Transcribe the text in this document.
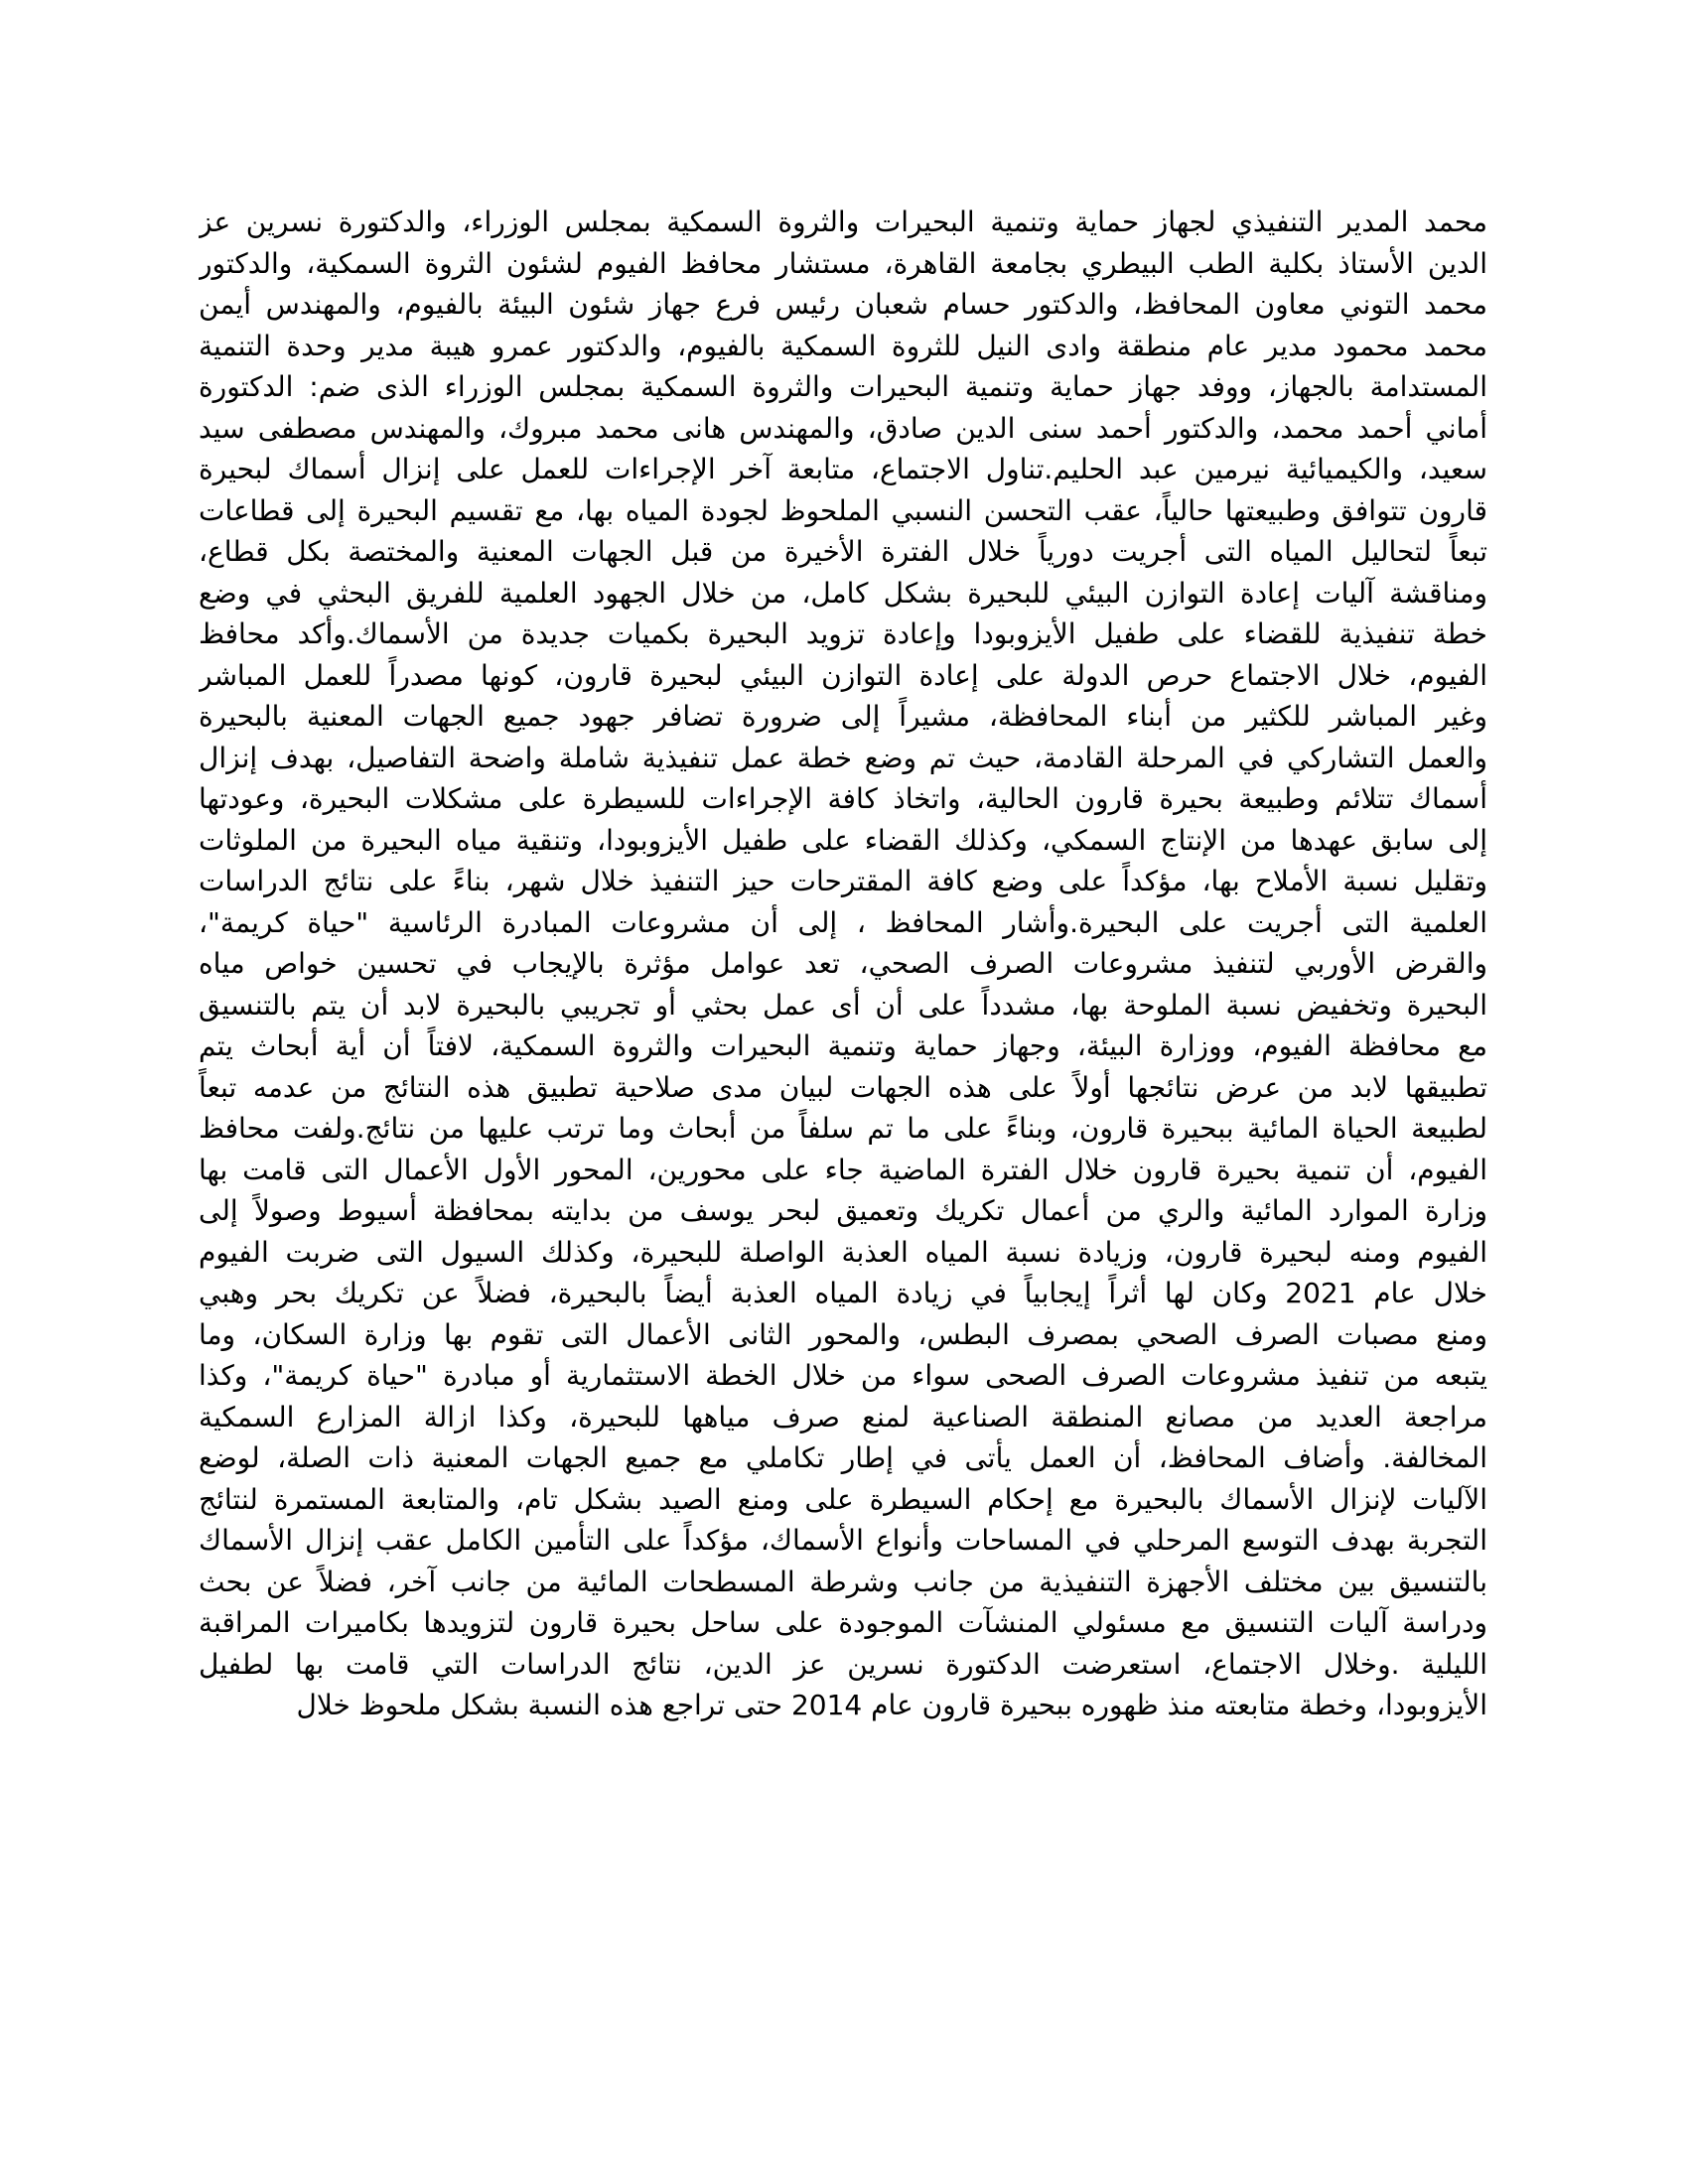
محمد المدير التنفيذي لجهاز حماية وتنمية البحيرات والثروة السمكية بمجلس الوزراء، والدكتورة نسرين عز
الدين الأستاذ بكلية الطب البيطري بجامعة القاهرة، مستشار محافظ الفيوم لشئون الثروة السمكية، والدكتور
محمد التوني معاون المحافظ، والدكتور حسام شعبان رئيس فرع جهاز شئون البيئة بالفيوم، والمهندس أيمن
محمد محمود مدير عام منطقة وادى النيل للثروة السمكية بالفيوم، والدكتور عمرو هيبة مدير وحدة التنمية
المستدامة بالجهاز، ووفد جهاز حماية وتنمية البحيرات والثروة السمكية بمجلس الوزراء الذى ضم: الدكتورة
أماني أحمد محمد، والدكتور أحمد سنى الدين صادق، والمهندس هانى محمد مبروك، والمهندس مصطفى سيد
سعيد، والكيميائية نيرمين عبد الحليم.تناول الاجتماع، متابعة آخر الإجراءات للعمل على إنزال أسماك لبحيرة
قارون تتوافق وطبيعتها حالياً، عقب التحسن النسبي الملحوظ لجودة المياه بها، مع تقسيم البحيرة إلى قطاعات
تبعاً لتحاليل المياه التى أجريت دورياً خلال الفترة الأخيرة من قبل الجهات المعنية والمختصة بكل قطاع،
ومناقشة آليات إعادة التوازن البيئي للبحيرة بشكل كامل، من خلال الجهود العلمية للفريق البحثي في وضع
خطة تنفيذية للقضاء على طفيل الأيزوبودا وإعادة تزويد البحيرة بكميات جديدة من الأسماك.وأكد محافظ
الفيوم، خلال الاجتماع حرص الدولة على إعادة التوازن البيئي لبحيرة قارون، كونها مصدراً للعمل المباشر
وغير المباشر للكثير من أبناء المحافظة، مشيراً إلى ضرورة تضافر جهود جميع الجهات المعنية بالبحيرة
والعمل التشاركي في المرحلة القادمة، حيث تم وضع خطة عمل تنفيذية شاملة واضحة التفاصيل، بهدف إنزال
أسماك تتلائم وطبيعة بحيرة قارون الحالية، واتخاذ كافة الإجراءات للسيطرة على مشكلات البحيرة، وعودتها
إلى سابق عهدها من الإنتاج السمكي، وكذلك القضاء على طفيل الأيزوبودا، وتنقية مياه البحيرة من الملوثات
وتقليل نسبة الأملاح بها، مؤكداً على وضع كافة المقترحات حيز التنفيذ خلال شهر، بناءً على نتائج الدراسات
العلمية التى أجريت على البحيرة.وأشار المحافظ ، إلى أن مشروعات المبادرة الرئاسية "حياة كريمة"،
والقرض الأوربي لتنفيذ مشروعات الصرف الصحي، تعد عوامل مؤثرة بالإيجاب في تحسين خواص مياه
البحيرة وتخفيض نسبة الملوحة بها، مشدداً على أن أى عمل بحثي أو تجريبي بالبحيرة لابد أن يتم بالتنسيق
مع محافظة الفيوم، ووزارة البيئة، وجهاز حماية وتنمية البحيرات والثروة السمكية، لافتاً أن أية أبحاث يتم
تطبيقها لابد من عرض نتائجها أولاً على هذه الجهات لبيان مدى صلاحية تطبيق هذه النتائج من عدمه تبعاً
لطبيعة الحياة المائية ببحيرة قارون، وبناءً على ما تم سلفاً من أبحاث وما ترتب عليها من نتائج.ولفت محافظ
الفيوم، أن تنمية بحيرة قارون خلال الفترة الماضية جاء على محورين، المحور الأول الأعمال التى قامت بها
وزارة الموارد المائية والري من أعمال تكريك وتعميق لبحر يوسف من بدايته بمحافظة أسيوط وصولاً إلى
الفيوم ومنه لبحيرة قارون، وزيادة نسبة المياه العذبة الواصلة للبحيرة، وكذلك السيول التى ضربت الفيوم
خلال عام 2021 وكان لها أثراً إيجابياً في زيادة المياه العذبة أيضاً بالبحيرة، فضلاً عن تكريك بحر وهبي
ومنع مصبات الصرف الصحي بمصرف البطس، والمحور الثانى الأعمال التى تقوم بها وزارة السكان، وما
يتبعه من تنفيذ مشروعات الصرف الصحى سواء من خلال الخطة الاستثمارية أو مبادرة "حياة كريمة"، وكذا
مراجعة العديد من مصانع المنطقة الصناعية لمنع صرف مياهها للبحيرة، وكذا ازالة المزارع السمكية
المخالفة. وأضاف المحافظ، أن العمل يأتى في إطار تكاملي مع جميع الجهات المعنية ذات الصلة، لوضع
الآليات لإنزال الأسماك بالبحيرة مع إحكام السيطرة على ومنع الصيد بشكل تام، والمتابعة المستمرة لنتائج
التجربة بهدف التوسع المرحلي في المساحات وأنواع الأسماك، مؤكداً على التأمين الكامل عقب إنزال الأسماك
بالتنسيق بين مختلف الأجهزة التنفيذية من جانب وشرطة المسطحات المائية من جانب آخر، فضلاً عن بحث
ودراسة آليات التنسيق مع مسئولي المنشآت الموجودة على ساحل بحيرة قارون لتزويدها بكاميرات المراقبة
الليلية .وخلال الاجتماع، استعرضت الدكتورة نسرين عز الدين، نتائج الدراسات التي قامت بها لطفيل
الأيزوبودا، وخطة متابعته منذ ظهوره ببحيرة قارون عام 2014 حتى تراجع هذه النسبة بشكل ملحوظ خلال
